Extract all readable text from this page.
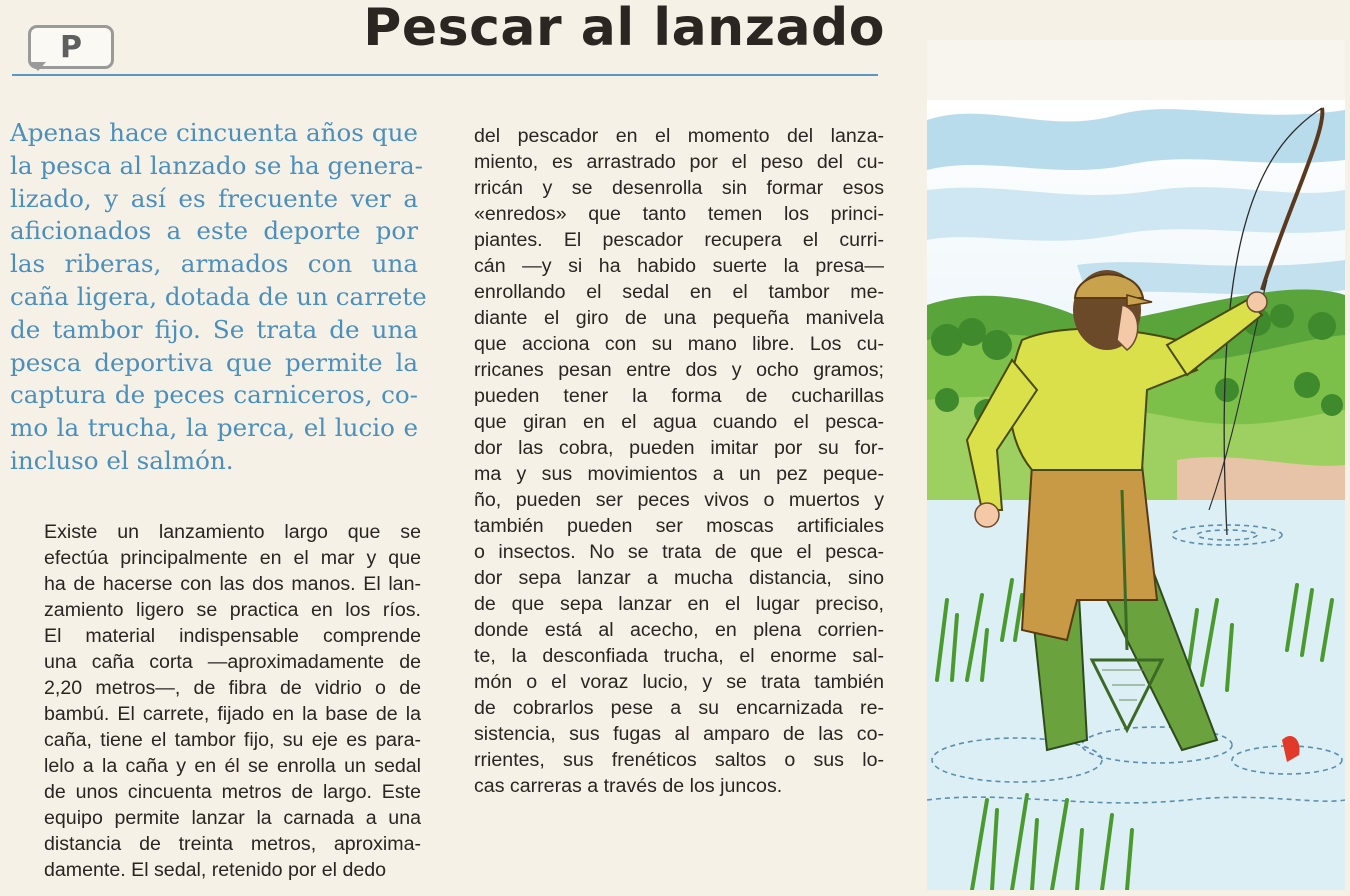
P	Pescar al lanzado
Apenas hace cincuenta años que
la pesca al lanzado se ha genera-
lizado, y así es frecuente ver a
aficionados a este deporte por
las riberas, armados con una
caña ligera, dotada de un carrete
de tambor fijo. Se trata de una
pesca deportiva que permite la
captura de peces carniceros, co-
mo la trucha, la perca, el lucio e
incluso el salmón.
Existe un lanzamiento largo que se
efectúa principalmente en el mar y que
ha de hacerse con las dos manos. El lan-
zamiento ligero se practica en los ríos.
El material indispensable comprende
una caña corta —aproximadamente de
2,20 metros—, de fibra de vidrio o de
bambú. El carrete, fijado en la base de la
caña, tiene el tambor fijo, su eje es para-
lelo a la caña y en él se enrolla un sedal
de unos cincuenta metros de largo. Este
equipo permite lanzar la carnada a una
distancia de treinta metros, aproxima-
damente. El sedal, retenido por el dedo
del pescador en el momento del lanza-
miento, es arrastrado por el peso del cu-
rricán y se desenrolla sin formar esos
«enredos» que tanto temen los princi-
piantes. El pescador recupera el curri-
cán —y si ha habido suerte la presa—
enrollando el sedal en el tambor me-
diante el giro de una pequeña manivela
que acciona con su mano libre. Los cu-
rricanes pesan entre dos y ocho gramos;
pueden tener la forma de cucharillas
que giran en el agua cuando el pesca-
dor las cobra, pueden imitar por su for-
ma y sus movimientos a un pez peque-
ño, pueden ser peces vivos o muertos y
también pueden ser moscas artificiales
o insectos. No se trata de que el pesca-
dor sepa lanzar a mucha distancia, sino
de que sepa lanzar en el lugar preciso,
donde está al acecho, en plena corrien-
te, la desconfiada trucha, el enorme sal-
món o el voraz lucio, y se trata también
de cobrarlos pese a su encarnizada re-
sistencia, sus fugas al amparo de las co-
rrientes, sus frenéticos saltos o sus lo-
cas carreras a través de los juncos.
